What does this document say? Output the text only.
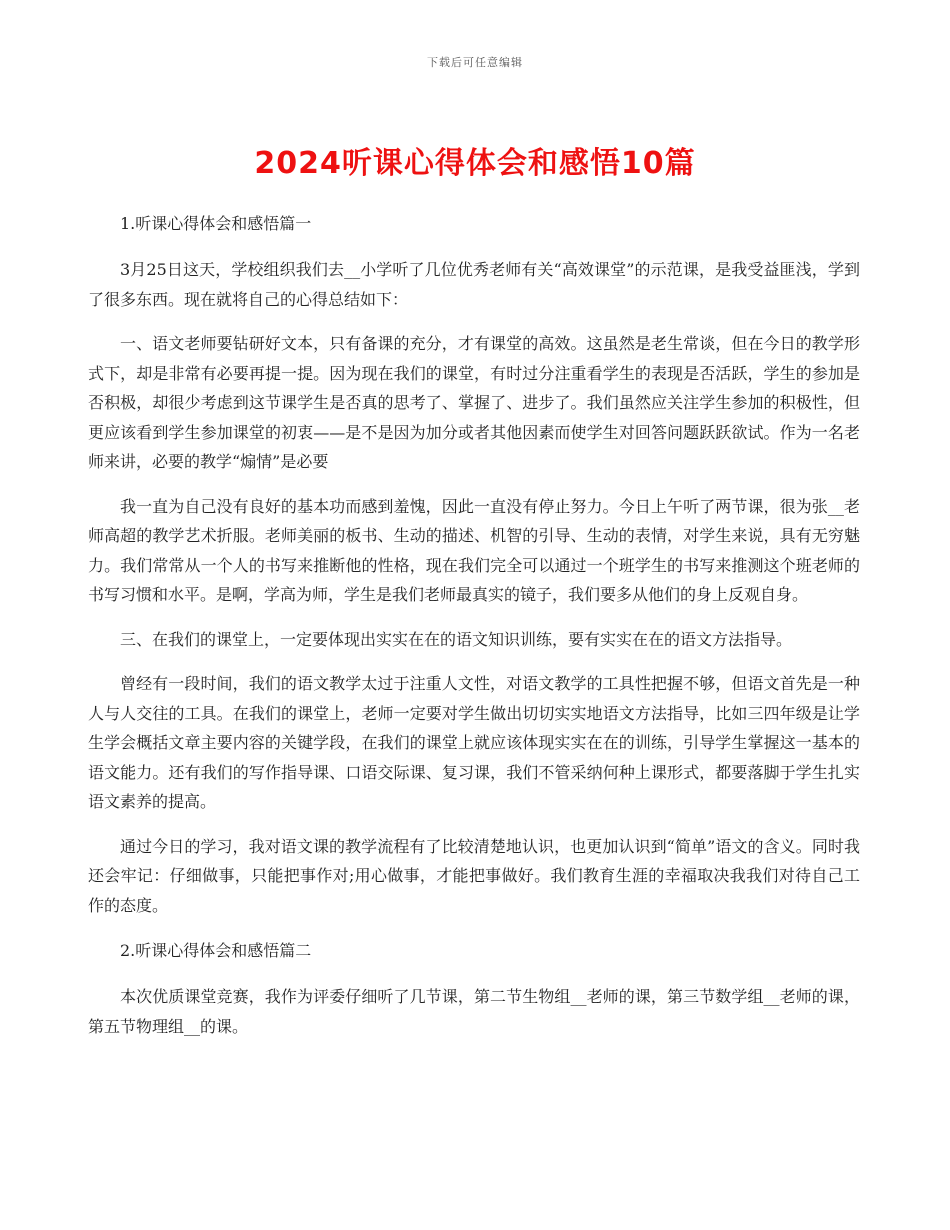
下载后可任意编辑
2024听课心得体会和感悟10篇
1.听课心得体会和感悟篇一

3月25日这天，学校组织我们去__小学听了几位优秀老师有关“高效课堂”的示范课，是我受益匪浅，学到了很多东西。现在就将自己的心得总结如下：

一、语文老师要钻研好文本，只有备课的充分，才有课堂的高效。这虽然是老生常谈，但在今日的教学形式下，却是非常有必要再提一提。因为现在我们的课堂，有时过分注重看学生的表现是否活跃，学生的参加是否积极，却很少考虑到这节课学生是否真的思考了、掌握了、进步了。我们虽然应关注学生参加的积极性，但更应该看到学生参加课堂的初衷——是不是因为加分或者其他因素而使学生对回答问题跃跃欲试。作为一名老师来讲，必要的教学“煽情”是必要

我一直为自己没有良好的基本功而感到羞愧，因此一直没有停止努力。今日上午听了两节课，很为张__老师高超的教学艺术折服。老师美丽的板书、生动的描述、机智的引导、生动的表情，对学生来说，具有无穷魅力。我们常常从一个人的书写来推断他的性格，现在我们完全可以通过一个班学生的书写来推测这个班老师的书写习惯和水平。是啊，学高为师，学生是我们老师最真实的镜子，我们要多从他们的身上反观自身。

三、在我们的课堂上，一定要体现出实实在在的语文知识训练，要有实实在在的语文方法指导。

曾经有一段时间，我们的语文教学太过于注重人文性，对语文教学的工具性把握不够，但语文首先是一种人与人交往的工具。在我们的课堂上，老师一定要对学生做出切切实实地语文方法指导，比如三四年级是让学生学会概括文章主要内容的关键学段，在我们的课堂上就应该体现实实在在的训练，引导学生掌握这一基本的语文能力。还有我们的写作指导课、口语交际课、复习课，我们不管采纳何种上课形式，都要落脚于学生扎实语文素养的提高。

通过今日的学习，我对语文课的教学流程有了比较清楚地认识，也更加认识到“简单”语文的含义。同时我还会牢记：仔细做事，只能把事作对;用心做事，才能把事做好。我们教育生涯的幸福取决我我们对待自己工作的态度。

2.听课心得体会和感悟篇二

本次优质课堂竞赛，我作为评委仔细听了几节课，第二节生物组__老师的课，第三节数学组__老师的课，第五节物理组__的课。
